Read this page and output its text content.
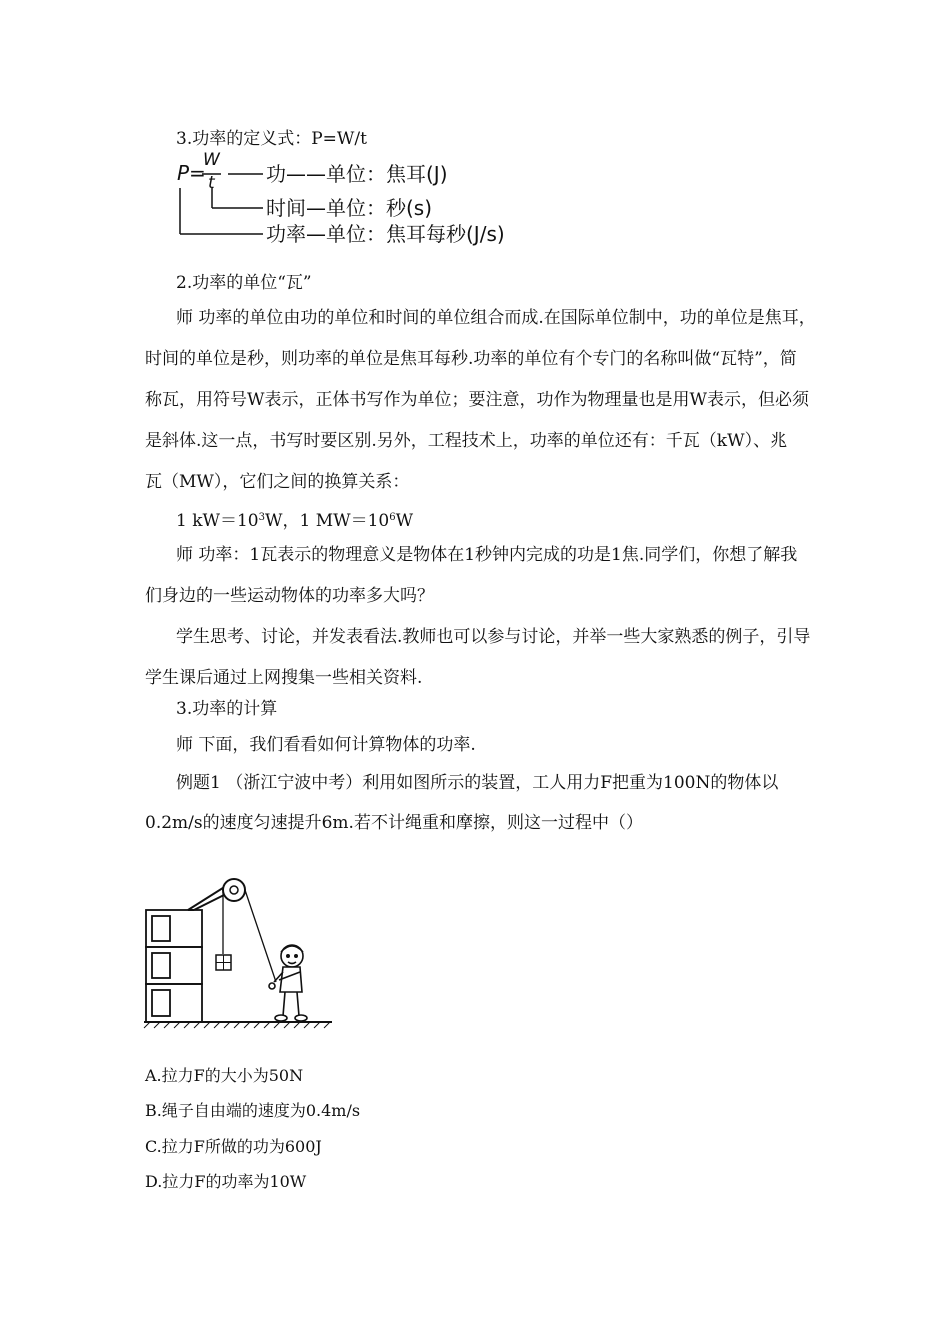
3.功率的定义式：P=W/t
P=
W
t	功——单位：焦耳(J)
时间—单位：秒(s)
功率—单位：焦耳每秒(J/s)
2.功率的单位“瓦”
师 功率的单位由功的单位和时间的单位组合而成.在国际单位制中，功的单位是焦耳，
时间的单位是秒，则功率的单位是焦耳每秒.功率的单位有个专门的名称叫做“瓦特”，简
称瓦，用符号W表示，正体书写作为单位；要注意，功作为物理量也是用W表示，但必须
是斜体.这一点，书写时要区别.另外，工程技术上，功率的单位还有：千瓦（kW）、兆
瓦（MW），它们之间的换算关系：
1 $kW=10^3W$，1 $MW=10^6W$
师 功率：1瓦表示的物理意义是物体在1秒钟内完成的功是1焦.同学们，你想了解我
们身边的一些运动物体的功率多大吗？
学生思考、讨论，并发表看法.教师也可以参与讨论，并举一些大家熟悉的例子，引导
学生课后通过上网搜集一些相关资料.
3.功率的计算
师 下面，我们看看如何计算物体的功率.
例题1 （浙江宁波中考）利用如图所示的装置，工人用力F把重为100N的物体以
0.2m/s的速度匀速提升6m.若不计绳重和摩擦，则这一过程中（）
A.拉力F的大小为50N
B.绳子自由端的速度为0.4m/s
C.拉力F所做的功为600J
D.拉力F的功率为10W
